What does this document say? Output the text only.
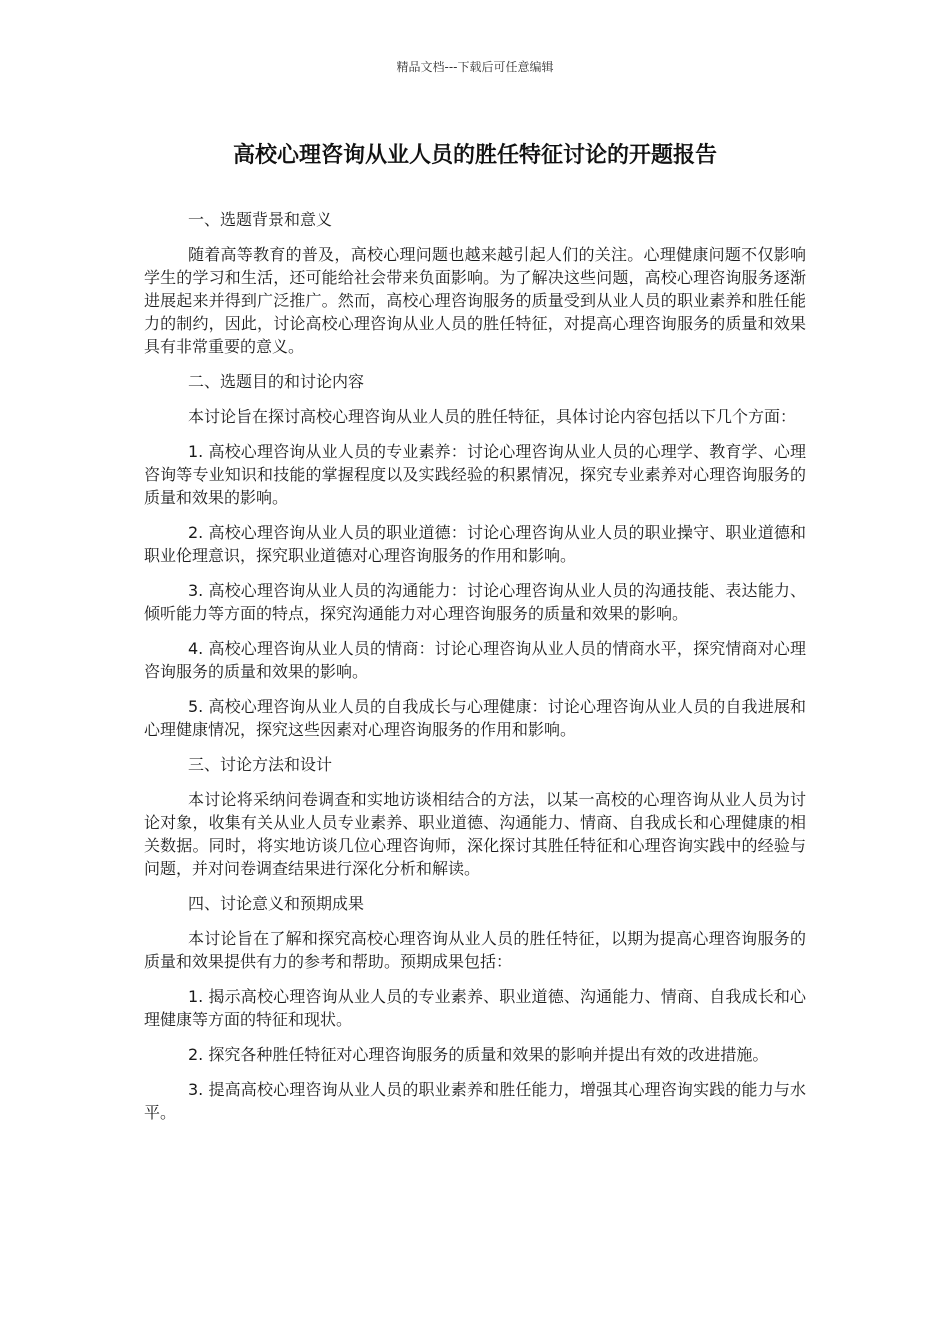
精品文档---下载后可任意编辑
高校心理咨询从业人员的胜任特征讨论的开题报告

一、选题背景和意义

随着高等教育的普及，高校心理问题也越来越引起人们的关注。心理健康问题不仅影响学生的学习和生活，还可能给社会带来负面影响。为了解决这些问题，高校心理咨询服务逐渐进展起来并得到广泛推广。然而，高校心理咨询服务的质量受到从业人员的职业素养和胜任能力的制约，因此，讨论高校心理咨询从业人员的胜任特征，对提高心理咨询服务的质量和效果具有非常重要的意义。

二、选题目的和讨论内容

本讨论旨在探讨高校心理咨询从业人员的胜任特征，具体讨论内容包括以下几个方面：

1. 高校心理咨询从业人员的专业素养：讨论心理咨询从业人员的心理学、教育学、心理咨询等专业知识和技能的掌握程度以及实践经验的积累情况，探究专业素养对心理咨询服务的质量和效果的影响。

2. 高校心理咨询从业人员的职业道德：讨论心理咨询从业人员的职业操守、职业道德和职业伦理意识，探究职业道德对心理咨询服务的作用和影响。

3. 高校心理咨询从业人员的沟通能力：讨论心理咨询从业人员的沟通技能、表达能力、倾听能力等方面的特点，探究沟通能力对心理咨询服务的质量和效果的影响。

4. 高校心理咨询从业人员的情商：讨论心理咨询从业人员的情商水平，探究情商对心理咨询服务的质量和效果的影响。

5. 高校心理咨询从业人员的自我成长与心理健康：讨论心理咨询从业人员的自我进展和心理健康情况，探究这些因素对心理咨询服务的作用和影响。

三、讨论方法和设计

本讨论将采纳问卷调查和实地访谈相结合的方法，以某一高校的心理咨询从业人员为讨论对象，收集有关从业人员专业素养、职业道德、沟通能力、情商、自我成长和心理健康的相关数据。同时，将实地访谈几位心理咨询师，深化探讨其胜任特征和心理咨询实践中的经验与问题，并对问卷调查结果进行深化分析和解读。

四、讨论意义和预期成果

本讨论旨在了解和探究高校心理咨询从业人员的胜任特征，以期为提高心理咨询服务的质量和效果提供有力的参考和帮助。预期成果包括：

1. 揭示高校心理咨询从业人员的专业素养、职业道德、沟通能力、情商、自我成长和心理健康等方面的特征和现状。

2. 探究各种胜任特征对心理咨询服务的质量和效果的影响并提出有效的改进措施。

3. 提高高校心理咨询从业人员的职业素养和胜任能力，增强其心理咨询实践的能力与水平。
